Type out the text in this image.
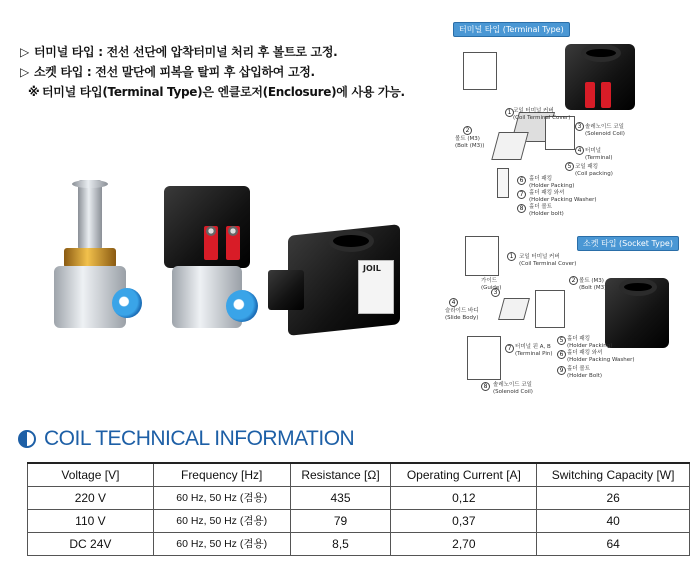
▷ 터미널 타입 : 전선 선단에 압착터미널 처리 후 볼트로 고정.
▷ 소켓 타입 : 전선 말단에 피복을 탈피 후 삽입하여 고정.
※ 터미널 타입(Terminal Type)은 엔클로저(Enclosure)에 사용 가능.
JOIL
터미널 타입 (Terminal Type)
1 코일 터미널 커버
(Coil Terminal Cover)
2
볼트 (M3)
(Bolt (M3))
3 솔레노이드 코일
(Solenoid Coil)
4 터미널
(Terminal)
5 코일 패킹
(Coil packing)
6	홀더 패킹
(Holder Packing)
7	홀더 패킹 와셔
(Holder Packing Washer)
8	홀더 볼트
(Holder bolt)
소켓 타입 (Socket Type)
1	코일 터미널 커버
(Coil Terminal Cover)
2 볼트 (M3)
(Bolt (M3))
3
가이드
(Guide)
4
슬라이드 바디
(Slide Body)
5 홀더 패킹
(Holder Packing)
6 홀더 패킹 와셔
(Holder Packing Washer)
7 터미널 핀 A, B
(Terminal Pin)
8	솔레노이드 코일
(Solenoid Coil)
9 홀더 볼트
(Holder Bolt)
COIL TECHNICAL INFORMATION
Voltage [V]	Frequency [Hz]	Resistance [Ω]	Operating Current [A]	Switching Capacity [W]
220 V	60 Hz, 50 Hz (겸용)	435	0,12	26
110 V	60 Hz, 50 Hz (겸용)	79	0,37	40
DC 24V	60 Hz, 50 Hz (겸용)	8,5	2,70	64
